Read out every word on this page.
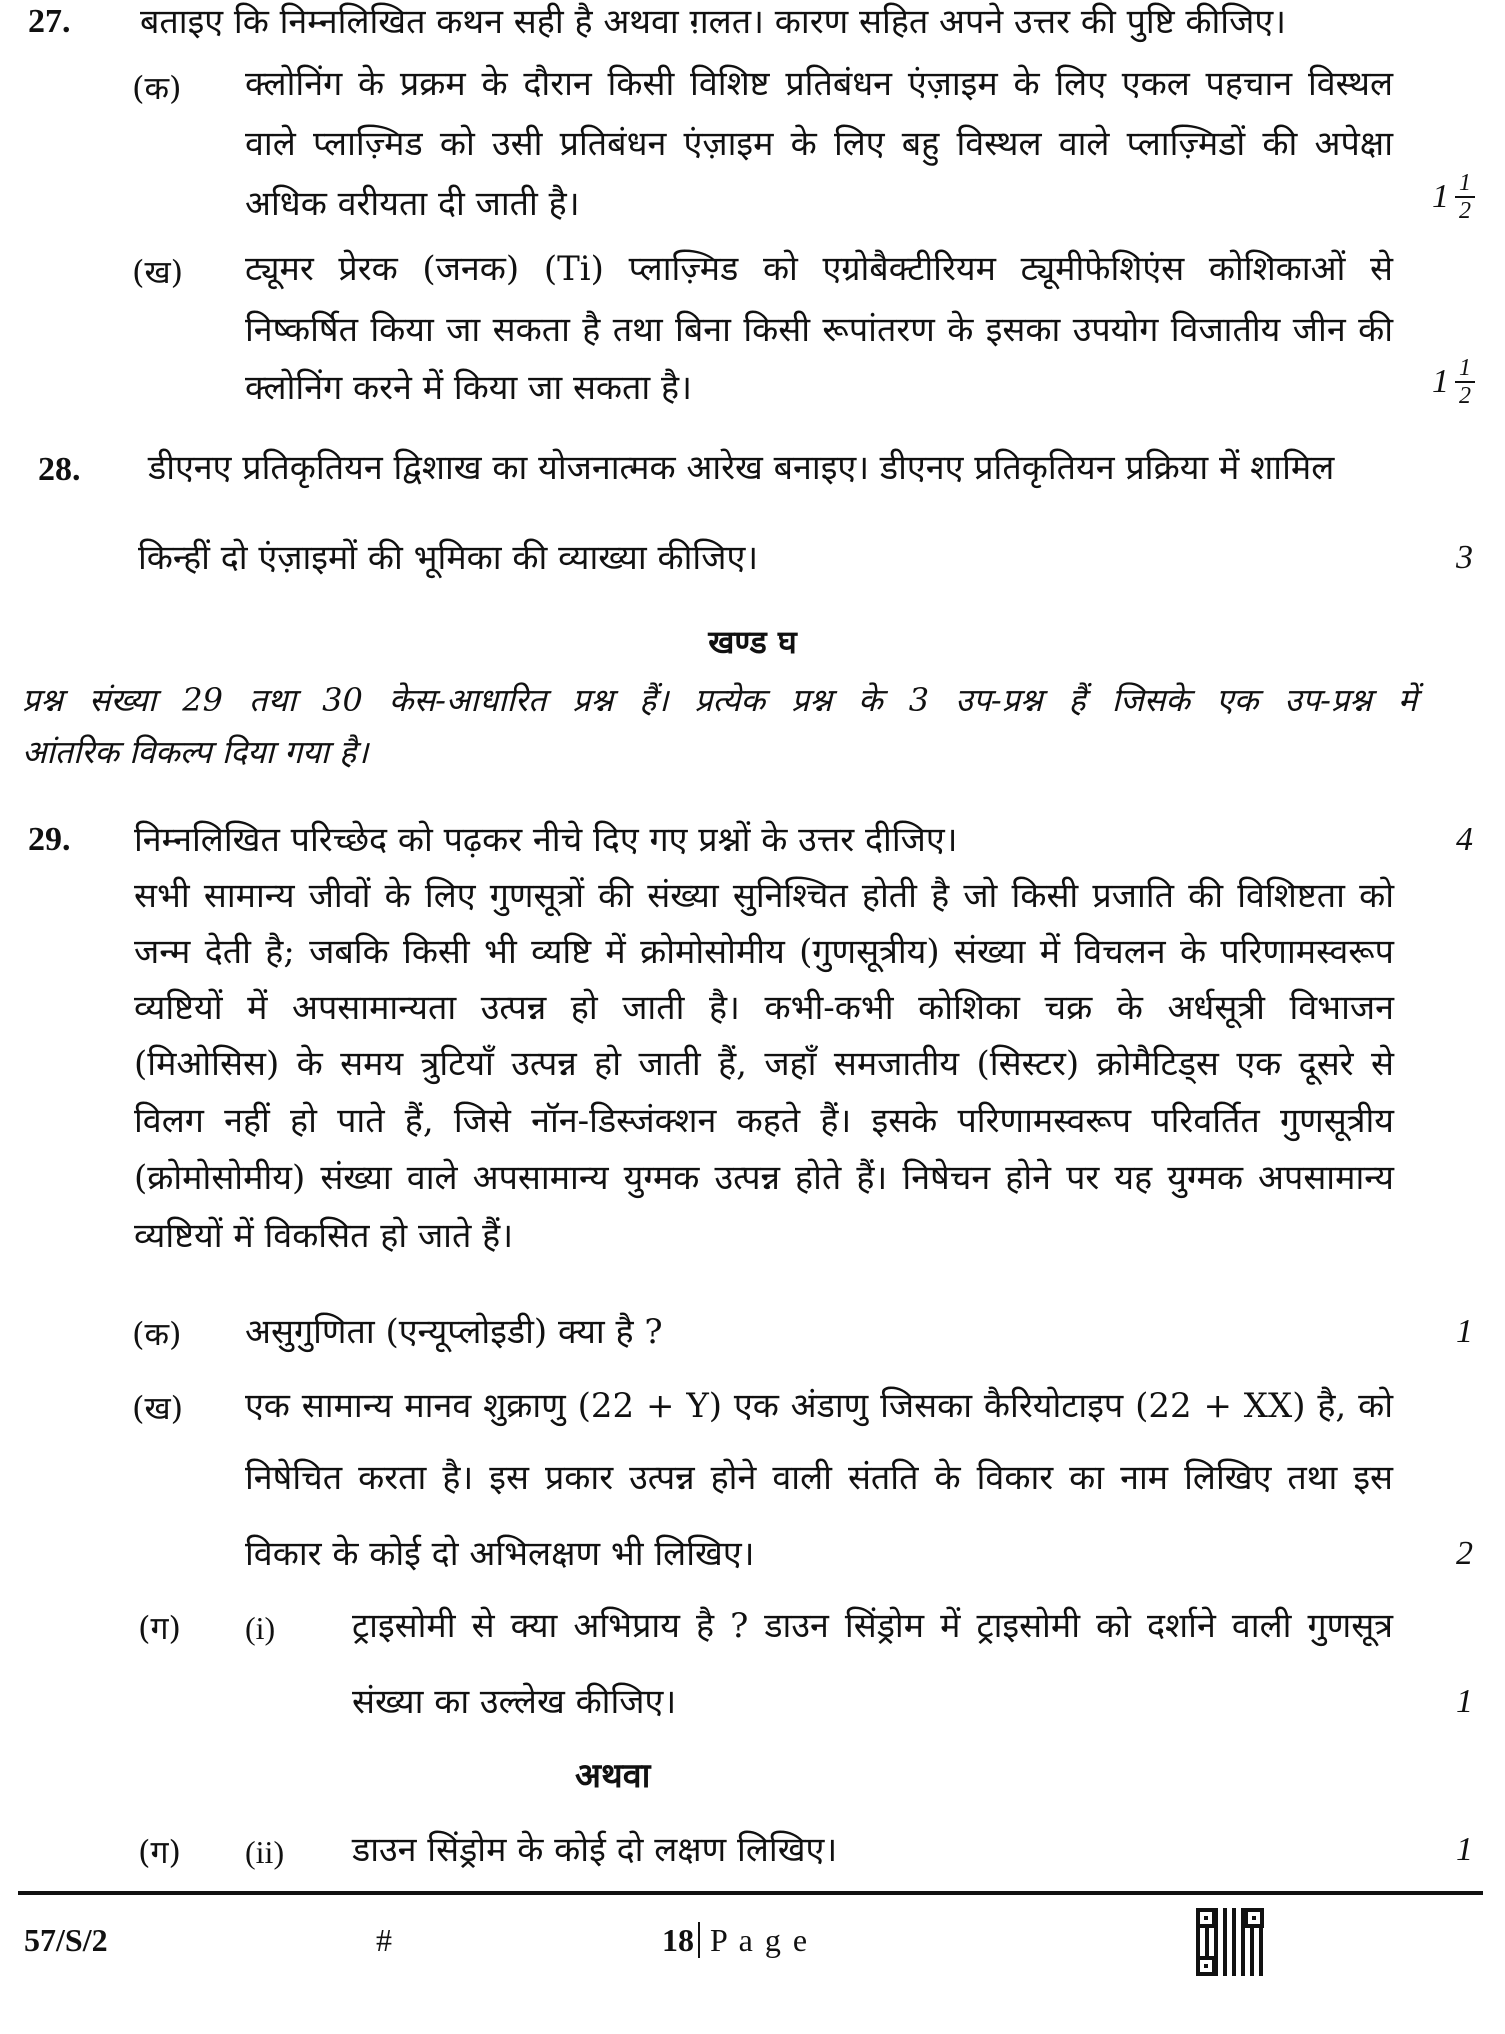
27. बताइए कि निम्नलिखित कथन सही है अथवा ग़लत। कारण सहित अपने उत्तर की पुष्टि कीजिए।
(क) क्लोनिंग के प्रक्रम के दौरान किसी विशिष्ट प्रतिबंधन एंज़ाइम के लिए एकल पहचान विस्थल
वाले प्लाज़्मिड को उसी प्रतिबंधन एंज़ाइम के लिए बहु विस्थल वाले प्लाज़्मिडों की अपेक्षा
अधिक वरीयता दी जाती है।	$1 \frac{1}{2}$
(ख) ट्यूमर प्रेरक (जनक) (Ti) प्लाज़्मिड को एग्रोबैक्टीरियम ट्यूमीफेशिएंस कोशिकाओं से
निष्कर्षित किया जा सकता है तथा बिना किसी रूपांतरण के इसका उपयोग विजातीय जीन की
क्लोनिंग करने में किया जा सकता है।	$1 \frac{1}{2}$
28. डीएनए प्रतिकृतियन द्विशाख का योजनात्मक आरेख बनाइए। डीएनए प्रतिकृतियन प्रक्रिया में शामिल
किन्हीं दो एंज़ाइमों की भूमिका की व्याख्या कीजिए।	3
खण्ड घ
प्रश्न संख्या 29 तथा 30 केस-आधारित प्रश्न हैं। प्रत्येक प्रश्न के 3 उप-प्रश्न हैं जिसके एक उप-प्रश्न में
आंतरिक विकल्प दिया गया है।
29. निम्नलिखित परिच्छेद को पढ़कर नीचे दिए गए प्रश्नों के उत्तर दीजिए।	4
सभी सामान्य जीवों के लिए गुणसूत्रों की संख्या सुनिश्चित होती है जो किसी प्रजाति की विशिष्टता को
जन्म देती है; जबकि किसी भी व्यष्टि में क्रोमोसोमीय (गुणसूत्रीय) संख्या में विचलन के परिणामस्वरूप
व्यष्टियों में अपसामान्यता उत्पन्न हो जाती है। कभी-कभी कोशिका चक्र के अर्धसूत्री विभाजन
(मिओसिस) के समय त्रुटियाँ उत्पन्न हो जाती हैं, जहाँ समजातीय (सिस्टर) क्रोमैटिड्स एक दूसरे से
विलग नहीं हो पाते हैं, जिसे नॉन-डिस्जंक्शन कहते हैं। इसके परिणामस्वरूप परिवर्तित गुणसूत्रीय
(क्रोमोसोमीय) संख्या वाले अपसामान्य युग्मक उत्पन्न होते हैं। निषेचन होने पर यह युग्मक अपसामान्य
व्यष्टियों में विकसित हो जाते हैं।
(क) असुगुणिता (एन्यूप्लोइडी) क्या है ?	1
(ख) एक सामान्य मानव शुक्राणु (22 + Y) एक अंडाणु जिसका कैरियोटाइप (22 + XX) है, को
निषेचित करता है। इस प्रकार उत्पन्न होने वाली संतति के विकार का नाम लिखिए तथा इस
विकार के कोई दो अभिलक्षण भी लिखिए।	2
(ग) (i) ट्राइसोमी से क्या अभिप्राय है ? डाउन सिंड्रोम में ट्राइसोमी को दर्शाने वाली गुणसूत्र
संख्या का उल्लेख कीजिए।	1
अथवा
(ग) (ii) डाउन सिंड्रोम के कोई दो लक्षण लिखिए।	1
57/S/2	#	18 P a g e
